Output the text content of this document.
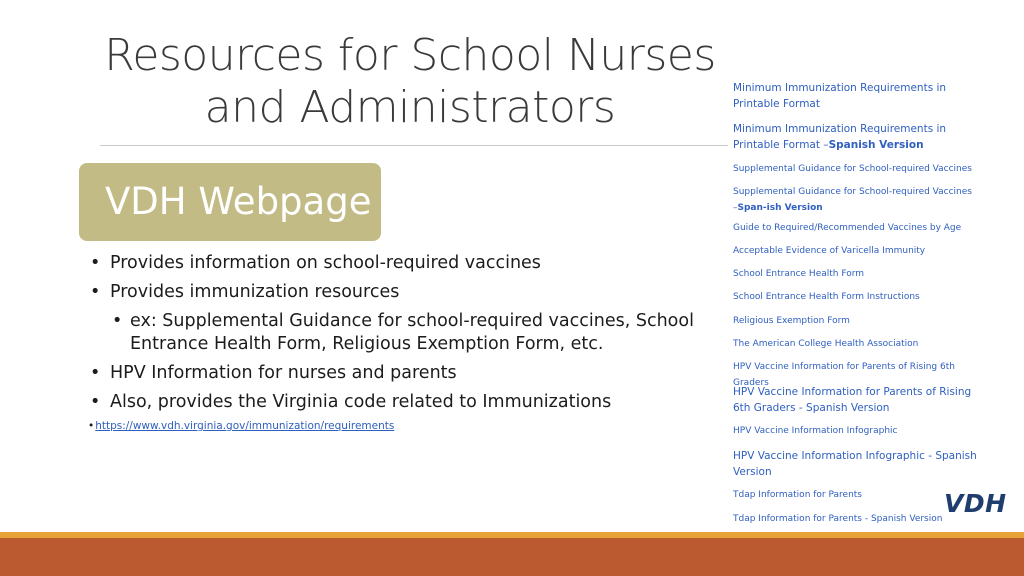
Resources for School Nurses and Administrators
VDH Webpage
• Provides information on school-required vaccines
• Provides immunization resources
• ex: Supplemental Guidance for school-required vaccines, School Entrance Health Form, Religious Exemption Form, etc.
• HPV Information for nurses and parents
• Also, provides the Virginia code related to Immunizations
•https://www.vdh.virginia.gov/immunization/requirements
Minimum Immunization Requirements in Printable Format
Minimum Immunization Requirements in Printable Format –Spanish Version
Supplemental Guidance for School-required Vaccines
Supplemental Guidance for School-required Vaccines –Span-ish Version
Guide to Required/Recommended Vaccines by Age
Acceptable Evidence of Varicella Immunity
School Entrance Health Form
School Entrance Health Form Instructions
Religious Exemption Form
The American College Health Association
HPV Vaccine Information for Parents of Rising 6th Graders
HPV Vaccine Information for Parents of Rising 6th Graders - Spanish Version
HPV Vaccine Information Infographic
HPV Vaccine Information Infographic - Spanish Version
Tdap Information for Parents
Tdap Information for Parents - Spanish Version
VDH
